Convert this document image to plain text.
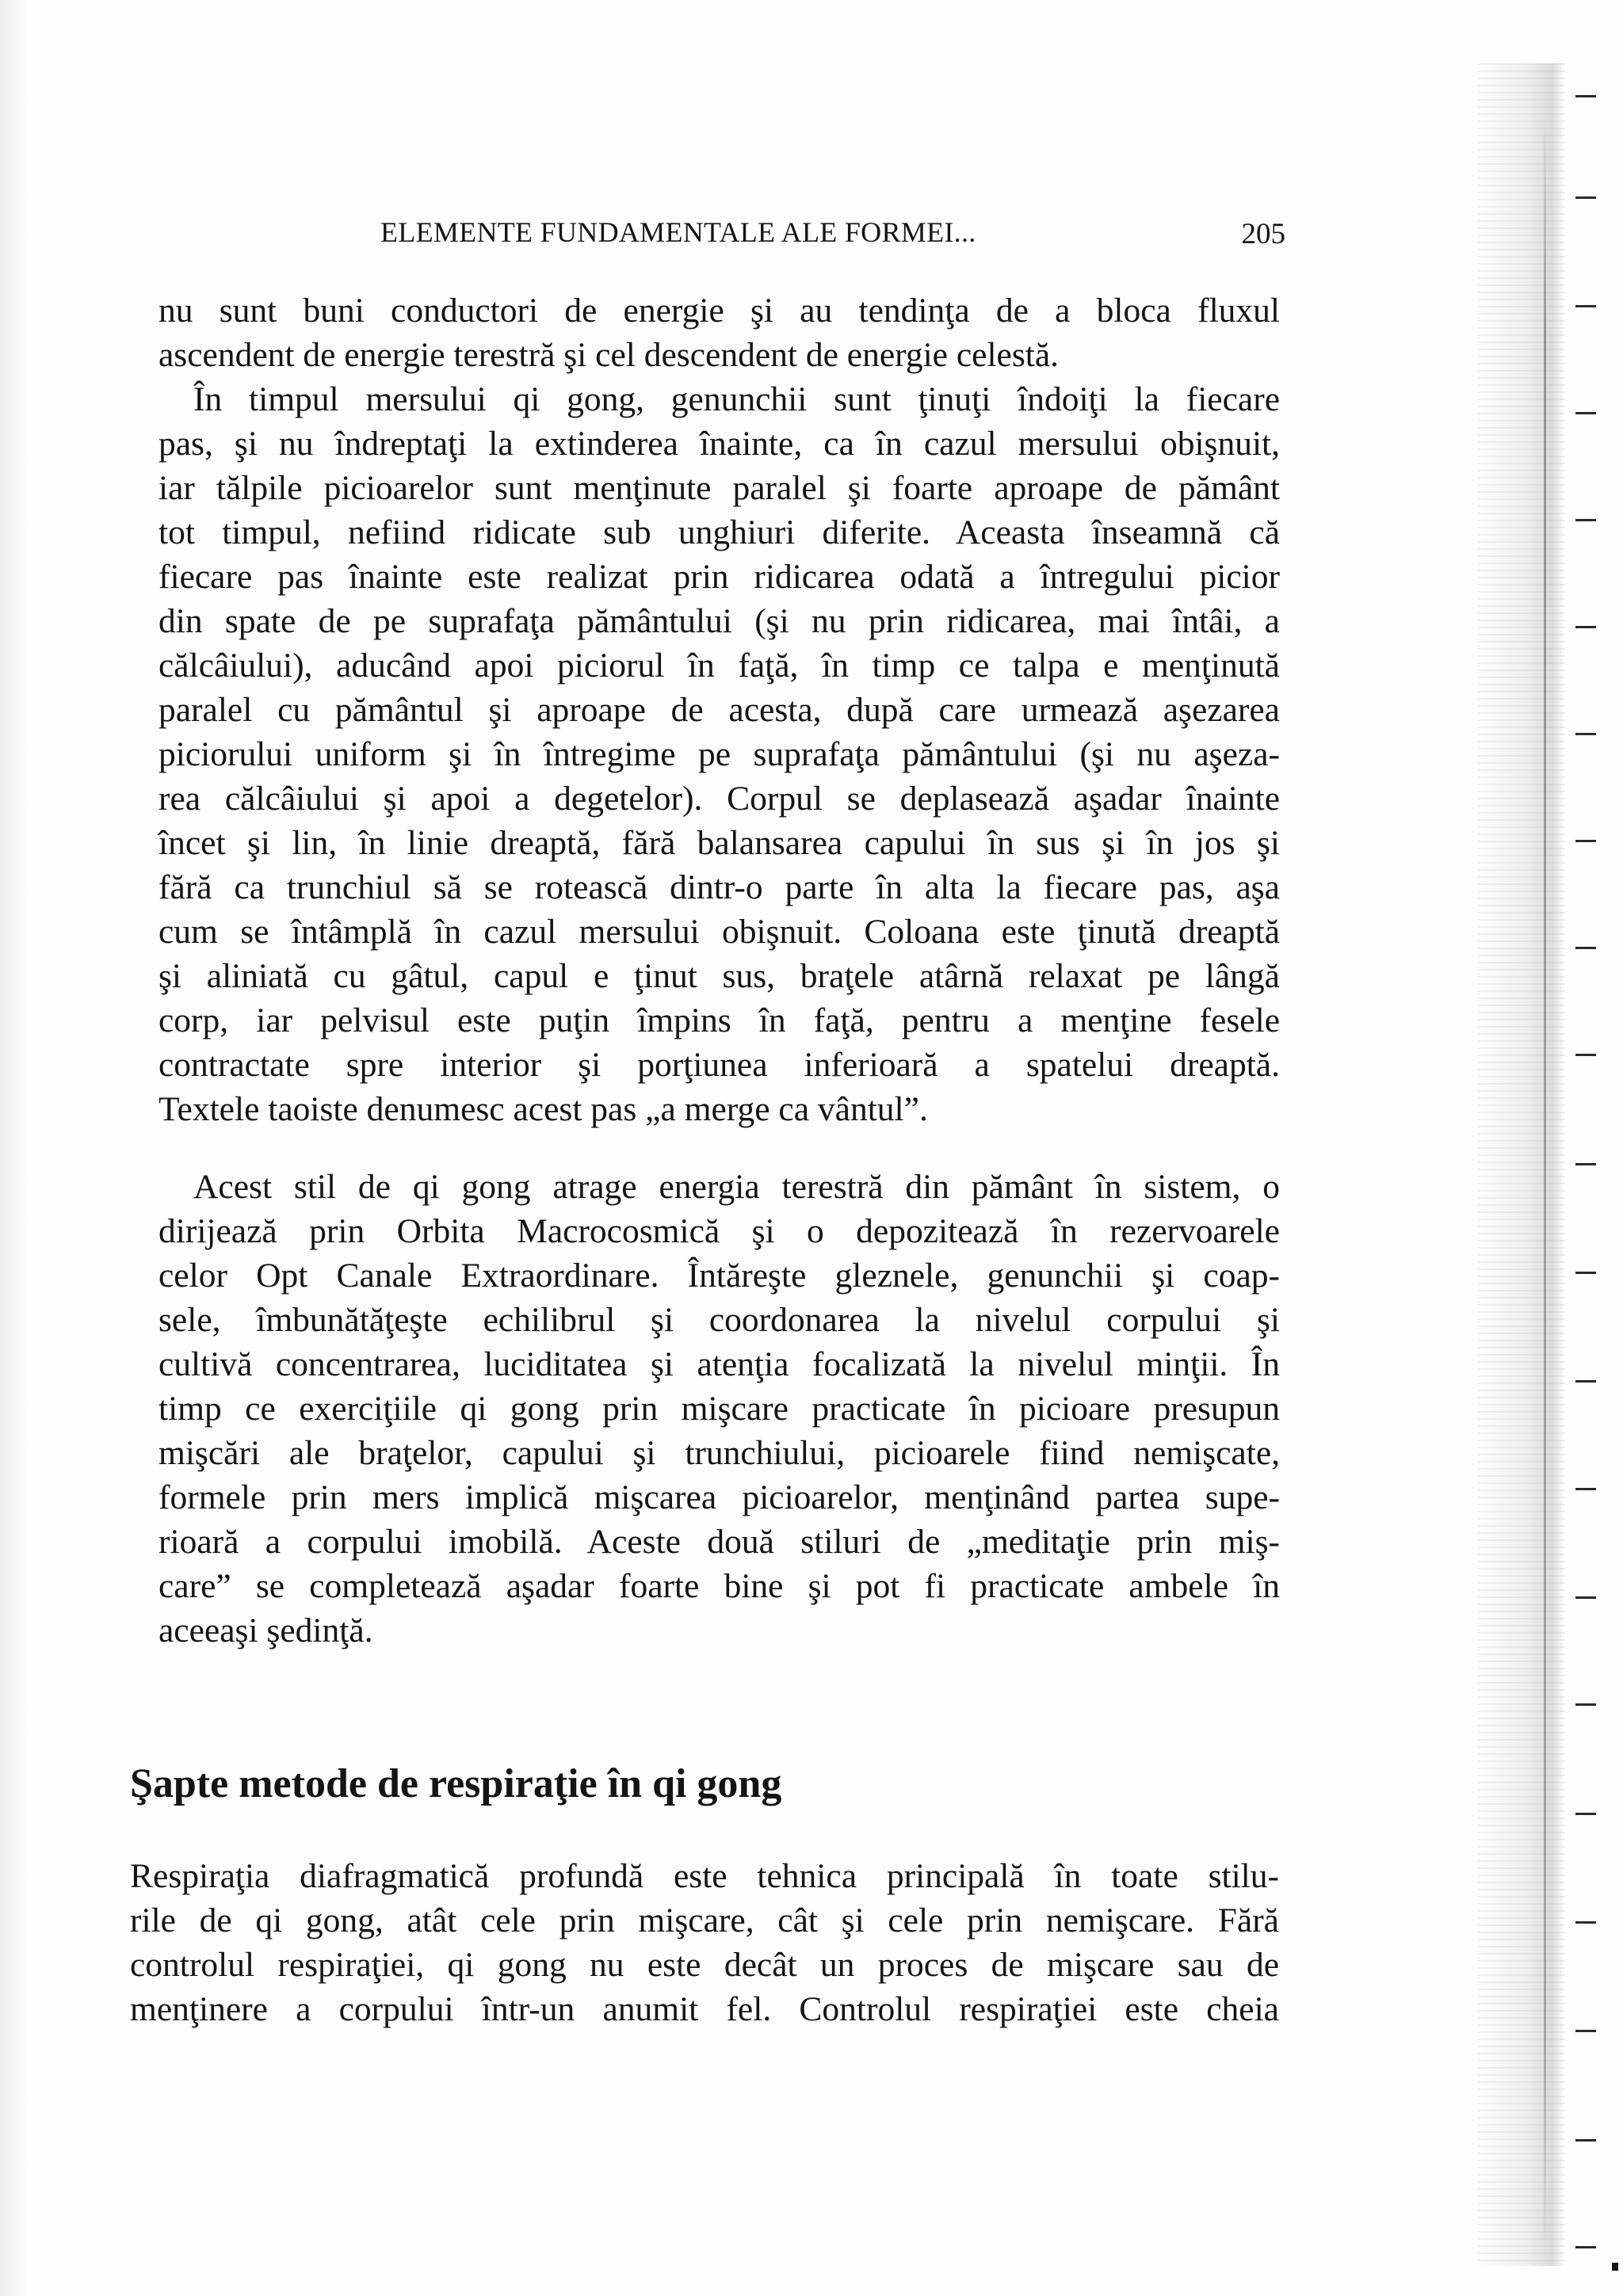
ELEMENTE FUNDAMENTALE ALE FORMEI...	205
nu sunt buni conductori de energie şi au tendinţa de a bloca fluxul
ascendent de energie terestră şi cel descendent de energie celestă.
În timpul mersului qi gong, genunchii sunt ţinuţi îndoiţi la fiecare
pas, şi nu îndreptaţi la extinderea înainte, ca în cazul mersului obişnuit,
iar tălpile picioarelor sunt menţinute paralel şi foarte aproape de pământ
tot timpul, nefiind ridicate sub unghiuri diferite. Aceasta înseamnă că
fiecare pas înainte este realizat prin ridicarea odată a întregului picior
din spate de pe suprafaţa pământului (şi nu prin ridicarea, mai întâi, a
călcâiului), aducând apoi piciorul în faţă, în timp ce talpa e menţinută
paralel cu pământul şi aproape de acesta, după care urmează aşezarea
piciorului uniform şi în întregime pe suprafaţa pământului (şi nu aşeza-
rea călcâiului şi apoi a degetelor). Corpul se deplasează aşadar înainte
încet şi lin, în linie dreaptă, fără balansarea capului în sus şi în jos şi
fără ca trunchiul să se rotească dintr-o parte în alta la fiecare pas, aşa
cum se întâmplă în cazul mersului obişnuit. Coloana este ţinută dreaptă
şi aliniată cu gâtul, capul e ţinut sus, braţele atârnă relaxat pe lângă
corp, iar pelvisul este puţin împins în faţă, pentru a menţine fesele
contractate spre interior şi porţiunea inferioară a spatelui dreaptă.
Textele taoiste denumesc acest pas „a merge ca vântul”.
Acest stil de qi gong atrage energia terestră din pământ în sistem, o
dirijează prin Orbita Macrocosmică şi o depozitează în rezervoarele
celor Opt Canale Extraordinare. Întăreşte gleznele, genunchii şi coap-
sele, îmbunătăţeşte echilibrul şi coordonarea la nivelul corpului şi
cultivă concentrarea, luciditatea şi atenţia focalizată la nivelul minţii. În
timp ce exerciţiile qi gong prin mişcare practicate în picioare presupun
mişcări ale braţelor, capului şi trunchiului, picioarele fiind nemişcate,
formele prin mers implică mişcarea picioarelor, menţinând partea supe-
rioară a corpului imobilă. Aceste două stiluri de „meditaţie prin miş-
care” se completează aşadar foarte bine şi pot fi practicate ambele în
aceeaşi şedinţă.
Şapte metode de respiraţie în qi gong
Respiraţia diafragmatică profundă este tehnica principală în toate stilu-
rile de qi gong, atât cele prin mişcare, cât şi cele prin nemişcare. Fără
controlul respiraţiei, qi gong nu este decât un proces de mişcare sau de
menţinere a corpului într-un anumit fel. Controlul respiraţiei este cheia
